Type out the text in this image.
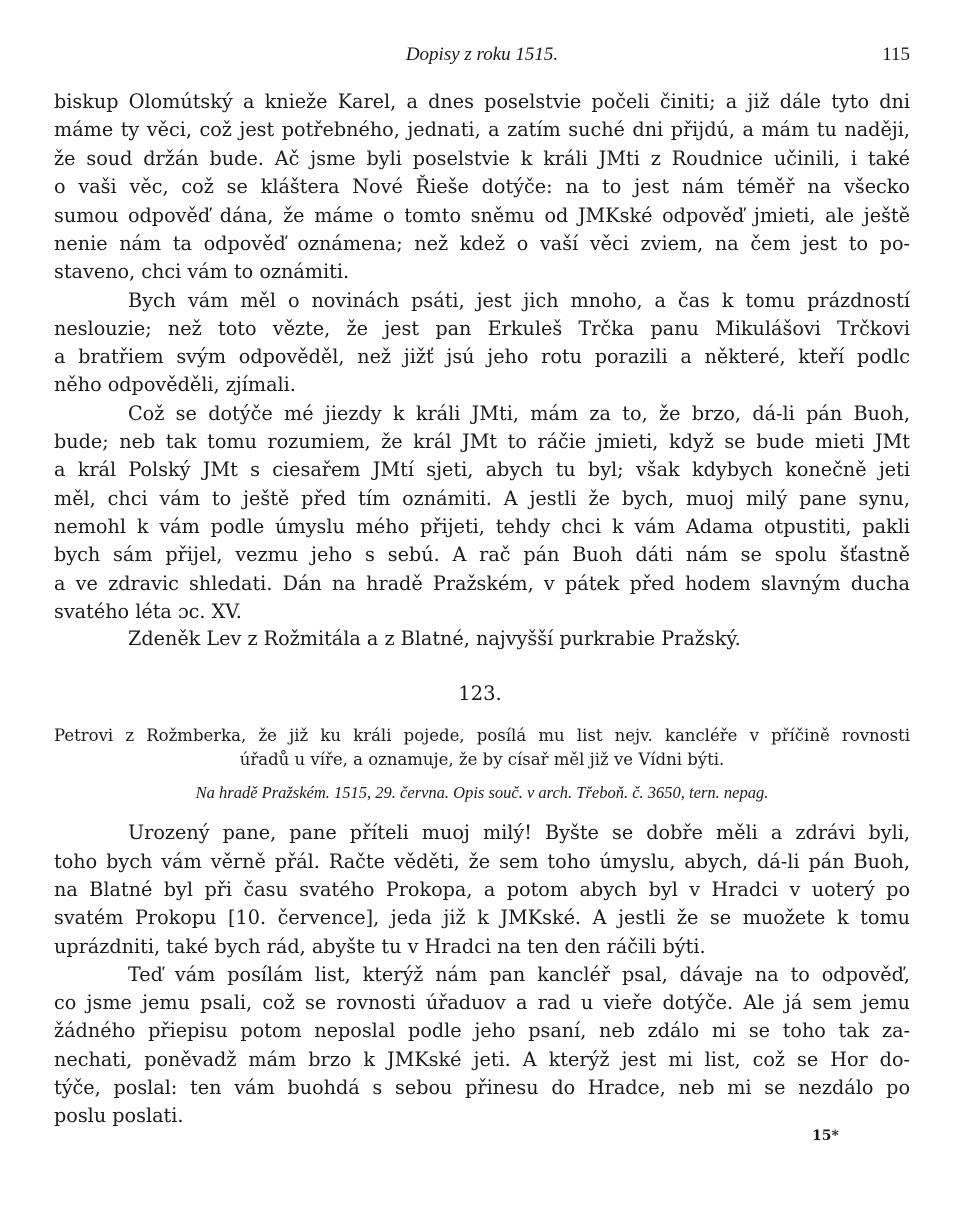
Dopisy z roku 1515.	115
biskup Olomútský a knieže Karel, a dnes poselstvie počeli činiti; a již dále tyto dni
máme ty věci, což jest potřebného, jednati, a zatím suché dni přijdú, a mám tu naději,
že soud držán bude. Ač jsme byli poselstvie k králi JMti z Roudnice učinili, i také
o vaši věc, což se kláštera Nové Řieše dotýče: na to jest nám téměř na všecko
sumou odpověď dána, že máme o tomto sněmu od JMKské odpověď jmieti, ale ještě
nenie nám ta odpověď oznámena; než kdež o vaší věci zviem, na čem jest to po-
staveno, chci vám to oznámiti.
Bych vám měl o novinách psáti, jest jich mnoho, a čas k tomu prázdností
neslouzie; než toto vězte, že jest pan Erkuleš Trčka panu Mikulášovi Trčkovi
a bratřiem svým odpověděl, než jižť jsú jeho rotu porazili a některé, kteří podlc
něho odpověděli, zjímali.
Což se dotýče mé jiezdy k králi JMti, mám za to, že brzo, dá-li pán Buoh,
bude; neb tak tomu rozumiem, že král JMt to ráčie jmieti, když se bude mieti JMt
a král Polský JMt s ciesařem JMtí sjeti, abych tu byl; však kdybych konečně jeti
měl, chci vám to ještě před tím oznámiti. A jestli že bych, muoj milý pane synu,
nemohl k vám podle úmyslu mého přijeti, tehdy chci k vám Adama otpustiti, pakli
bych sám přijel, vezmu jeho s sebú. A rač pán Buoh dáti nám se spolu šťastně
a ve zdravic shledati. Dán na hradě Pražském, v pátek před hodem slavným ducha
svatého léta ɔc. XV.
Zdeněk Lev z Rožmitála a z Blatné, najvyšší purkrabie Pražský.
123.
Petrovi z Rožmberka, že již ku králi pojede, posílá mu list nejv. kancléře v příčině rovnosti
úřadů u víře, a oznamuje, že by císař měl již ve Vídni býti.
Na hradě Pražském. 1515, 29. června. Opis souč. v arch. Třeboň. č. 3650, tern. nepag.
Urozený pane, pane příteli muoj milý! Byšte se dobře měli a zdrávi byli,
toho bych vám věrně přál. Račte věděti, že sem toho úmyslu, abych, dá-li pán Buoh,
na Blatné byl při času svatého Prokopa, a potom abych byl v Hradci v uoterý po
svatém Prokopu [10. července], jeda již k JMKské. A jestli že se muožete k tomu
uprázdniti, také bych rád, abyšte tu v Hradci na ten den ráčili býti.
Teď vám posílám list, kterýž nám pan kancléř psal, dávaje na to odpověď,
co jsme jemu psali, což se rovnosti úřaduov a rad u vieře dotýče. Ale já sem jemu
žádného přiepisu potom neposlal podle jeho psaní, neb zdálo mi se toho tak za-
nechati, poněvadž mám brzo k JMKské jeti. A kterýž jest mi list, což se Hor do-
týče, poslal: ten vám buohdá s sebou přinesu do Hradce, neb mi se nezdálo po
poslu poslati.
15*
